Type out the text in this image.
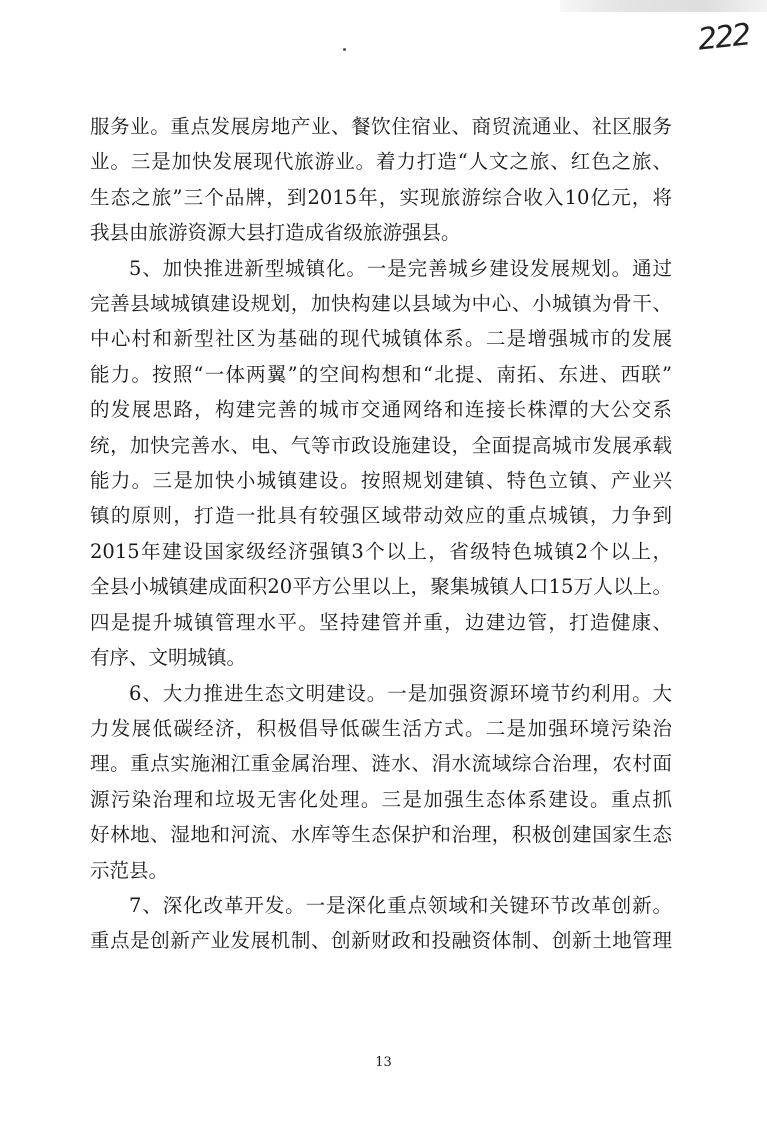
222

服务业。重点发展房地产业、餐饮住宿业、商贸流通业、社区服务

业。三是加快发展现代旅游业。着力打造“人文之旅、红色之旅、

生态之旅”三个品牌，到2015年，实现旅游综合收入10亿元，将

我县由旅游资源大县打造成省级旅游强县。

5、加快推进新型城镇化。一是完善城乡建设发展规划。通过

完善县域城镇建设规划，加快构建以县域为中心、小城镇为骨干、

中心村和新型社区为基础的现代城镇体系。二是增强城市的发展

能力。按照“一体两翼”的空间构想和“北提、南拓、东进、西联”

的发展思路，构建完善的城市交通网络和连接长株潭的大公交系

统，加快完善水、电、气等市政设施建设，全面提高城市发展承载

能力。三是加快小城镇建设。按照规划建镇、特色立镇、产业兴

镇的原则，打造一批具有较强区域带动效应的重点城镇，力争到

2015年建设国家级经济强镇3个以上，省级特色城镇2个以上，

全县小城镇建成面积20平方公里以上，聚集城镇人口15万人以上。

四是提升城镇管理水平。坚持建管并重，边建边管，打造健康、

有序、文明城镇。

6、大力推进生态文明建设。一是加强资源环境节约利用。大

力发展低碳经济，积极倡导低碳生活方式。二是加强环境污染治

理。重点实施湘江重金属治理、涟水、涓水流域综合治理，农村面

源污染治理和垃圾无害化处理。三是加强生态体系建设。重点抓

好林地、湿地和河流、水库等生态保护和治理，积极创建国家生态

示范县。

7、深化改革开发。一是深化重点领域和关键环节改革创新。

重点是创新产业发展机制、创新财政和投融资体制、创新土地管理

13
